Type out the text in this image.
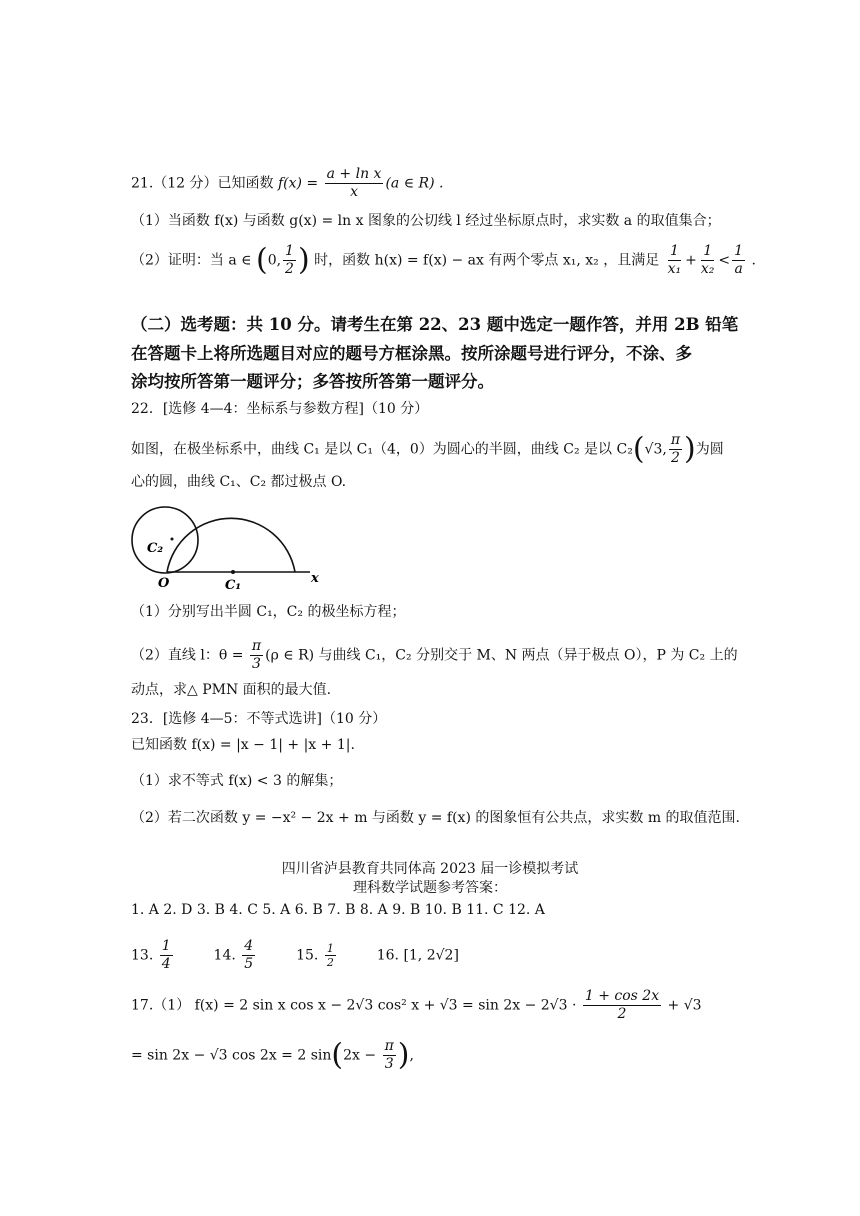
21.（12 分）已知函数 $f(x) = \frac{\text{a + ln x}}{x} (a$ ∈ R) .
（1）当函数 f(x) 与函数 g(x) = ln x 图象的公切线 l 经过坐标原点时，求实数 a 的取值集合；
（2）证明：当 a ∈ (0, $\frac{1}{2}$ ) 时，函数 h(x) = f(x) − ax 有两个零点 x₁, x₂ ，且满足 $\frac{1}{\text{x₁}} + \frac{1}{\text{x₂}} < \frac{1}{a}$ .
（二）选考题：共 10 分。请考生在第 22、23 题中选定一题作答，并用 2B 铅笔
在答题卡上将所选题目对应的题号方框涂黑。按所涂题号进行评分，不涂、多
涂均按所答第一题评分；多答按所答第一题评分。
22．[选修 4—4：坐标系与参数方程]（10 分）
如图，在极坐标系中，曲线 C₁ 是以 C₁（4，0）为圆心的半圆，曲线 C₂ 是以 C₂(√3, $\frac{\pi}{2}$ )为圆
心的圆，曲线 C₁、C₂ 都过极点 O.
C₂
O	C₁	x
（1）分别写出半圆 C₁，C₂ 的极坐标方程；
（2）直线 l：$\theta = \frac{\pi}{3} (\rho$ ∈ R) 与曲线 C₁，C₂ 分别交于 M、N 两点（异于极点 O），P 为 C₂ 上的
动点，求△ PMN 面积的最大值.
23．[选修 4—5：不等式选讲]（10 分）
已知函数 f(x) = |x − 1| + |x + 1|.
（1）求不等式 f(x) < 3 的解集；
（2）若二次函数 y = −x² − 2x + m 与函数 y = f(x) 的图象恒有公共点，求实数 m 的取值范围.
四川省泸县教育共同体高 2023 届一诊模拟考试
理科数学试题参考答案：
1. A 2. D 3. B 4. C 5. A 6. B 7. B 8. A 9. B 10. B 11. C 12. A
13. $\frac{1}{4}$	14. $\frac{4}{5}$	15. $\frac{1}{2}$	16. [1, 2√2]
17.（1） f(x) = 2 sin x cos x − 2√3 cos² $x + √3 = \sin 2x - 2√3 \cdot \frac{1 + \cos 2x}{2} + √3$
= sin 2x − √3 cos 2x = 2 $\sin(2x - \frac{\pi}{3}$ ),
